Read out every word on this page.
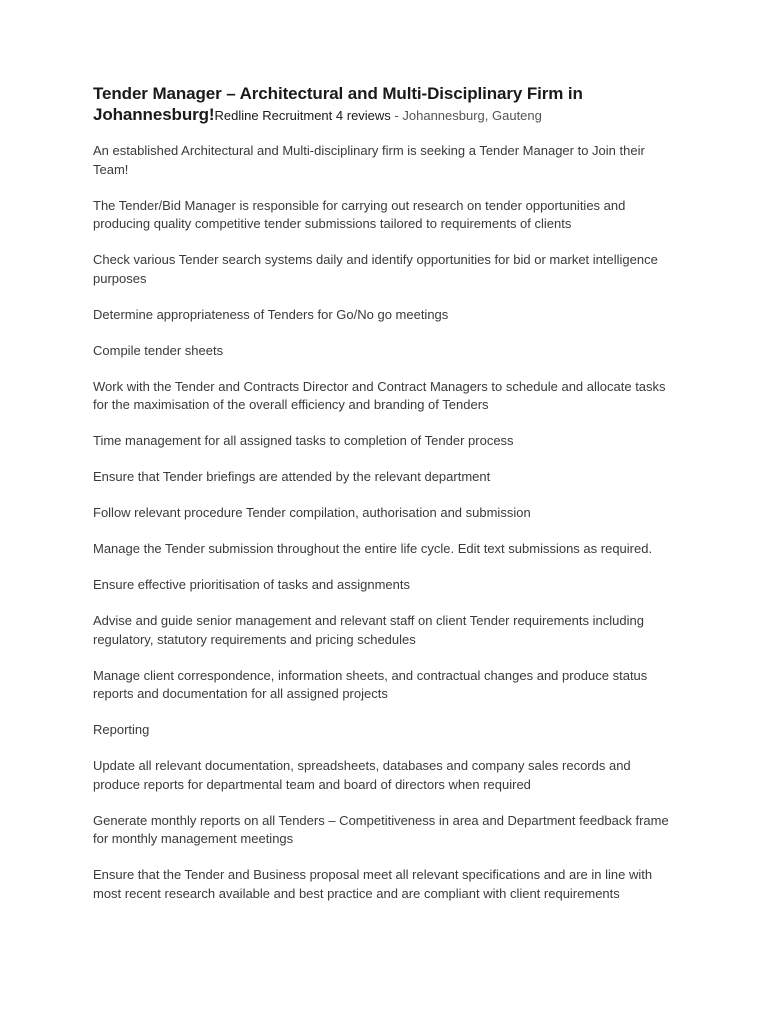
Tender Manager – Architectural and Multi-Disciplinary Firm in Johannesburg!Redline Recruitment 4 reviews - Johannesburg, Gauteng

An established Architectural and Multi-disciplinary firm is seeking a Tender Manager to Join their Team!

The Tender/Bid Manager is responsible for carrying out research on tender opportunities and producing quality competitive tender submissions tailored to requirements of clients

Check various Tender search systems daily and identify opportunities for bid or market intelligence purposes

Determine appropriateness of Tenders for Go/No go meetings

Compile tender sheets

Work with the Tender and Contracts Director and Contract Managers to schedule and allocate tasks for the maximisation of the overall efficiency and branding of Tenders

Time management for all assigned tasks to completion of Tender process

Ensure that Tender briefings are attended by the relevant department

Follow relevant procedure Tender compilation, authorisation and submission

Manage the Tender submission throughout the entire life cycle. Edit text submissions as required.

Ensure effective prioritisation of tasks and assignments

Advise and guide senior management and relevant staff on client Tender requirements including regulatory, statutory requirements and pricing schedules

Manage client correspondence, information sheets, and contractual changes and produce status reports and documentation for all assigned projects

Reporting

Update all relevant documentation, spreadsheets, databases and company sales records and produce reports for departmental team and board of directors when required

Generate monthly reports on all Tenders – Competitiveness in area and Department feedback frame for monthly management meetings

Ensure that the Tender and Business proposal meet all relevant specifications and are in line with most recent research available and best practice and are compliant with client requirements
